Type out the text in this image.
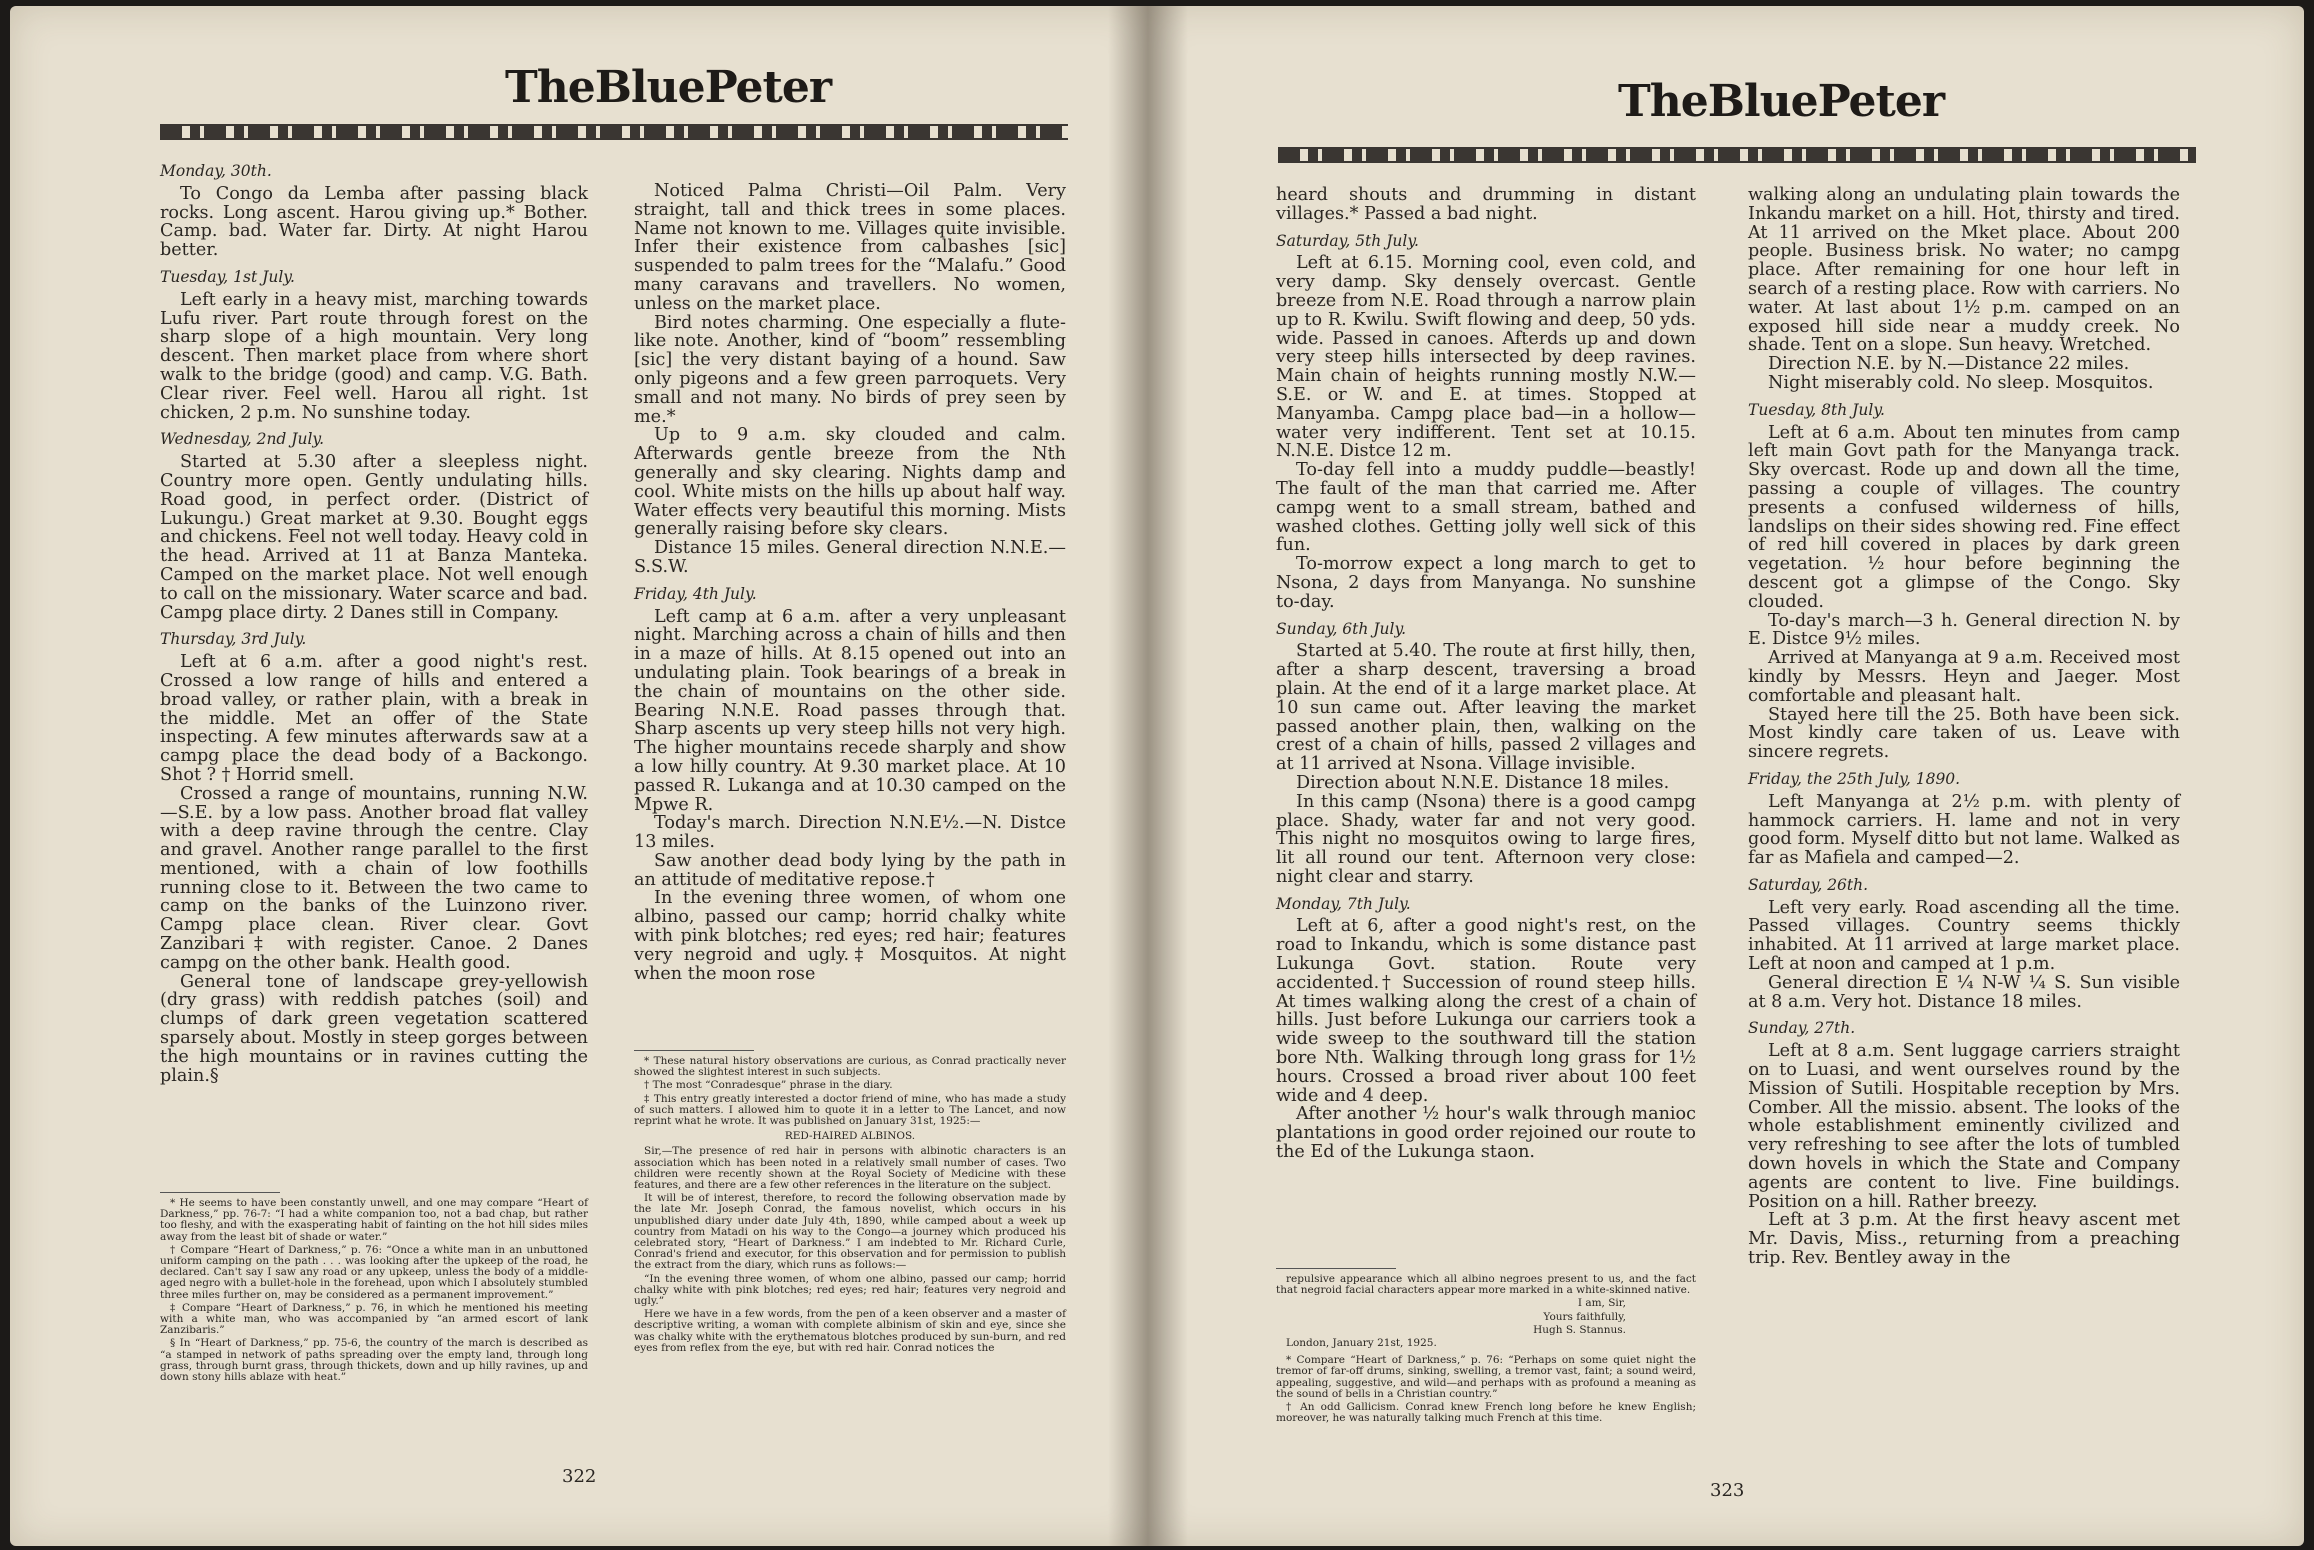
TheBluePeter

Monday, 30th.

To Congo da Lemba after passing black rocks. Long ascent. Harou giving up.* Bother. Camp. bad. Water far. Dirty. At night Harou better.

Tuesday, 1st July.

Left early in a heavy mist, marching towards Lufu river. Part route through forest on the sharp slope of a high mountain. Very long descent. Then market place from where short walk to the bridge (good) and camp. V.G. Bath. Clear river. Feel well. Harou all right. 1st chicken, 2 p.m. No sunshine today.

Wednesday, 2nd July.

Started at 5.30 after a sleepless night. Country more open. Gently undulating hills. Road good, in perfect order. (District of Lukungu.) Great market at 9.30. Bought eggs and chickens. Feel not well today. Heavy cold in the head. Arrived at 11 at Banza Manteka. Camped on the market place. Not well enough to call on the missionary. Water scarce and bad. Campg place dirty. 2 Danes still in Company.

Thursday, 3rd July.

Left at 6 a.m. after a good night's rest. Crossed a low range of hills and entered a broad valley, or rather plain, with a break in the middle. Met an offer of the State inspecting. A few minutes afterwards saw at a campg place the dead body of a Backongo. Shot ? † Horrid smell.

Crossed a range of mountains, running N.W.—S.E. by a low pass. Another broad flat valley with a deep ravine through the centre. Clay and gravel. Another range parallel to the first mentioned, with a chain of low foothills running close to it. Between the two came to camp on the banks of the Luinzono river. Campg place clean. River clear. Govt Zanzibari‡ with register. Canoe. 2 Danes campg on the other bank. Health good.

General tone of landscape grey-yellowish (dry grass) with reddish patches (soil) and clumps of dark green vegetation scattered sparsely about. Mostly in steep gorges between the high mountains or in ravines cutting the plain.§

* He seems to have been constantly unwell, and one may compare “Heart of Darkness,” pp. 76-7: “I had a white companion too, not a bad chap, but rather too fleshy, and with the exasperating habit of fainting on the hot hill sides miles away from the least bit of shade or water.”

† Compare “Heart of Darkness,” p. 76: “Once a white man in an unbuttoned uniform camping on the path . . . was looking after the upkeep of the road, he declared. Can't say I saw any road or any upkeep, unless the body of a middle-aged negro with a bullet-hole in the forehead, upon which I absolutely stumbled three miles further on, may be considered as a permanent improvement.”

‡ Compare “Heart of Darkness,” p. 76, in which he mentioned his meeting with a white man, who was accompanied by “an armed escort of lank Zanzibaris.”

§ In “Heart of Darkness,” pp. 75-6, the country of the march is described as “a stamped in network of paths spreading over the empty land, through long grass, through burnt grass, through thickets, down and up hilly ravines, up and down stony hills ablaze with heat.”

Noticed Palma Christi—Oil Palm. Very straight, tall and thick trees in some places. Name not known to me. Villages quite invisible. Infer their existence from calbashes [sic] suspended to palm trees for the “Malafu.” Good many caravans and travellers. No women, unless on the market place.

Bird notes charming. One especially a flute-like note. Another, kind of “boom” ressembling [sic] the very distant baying of a hound. Saw only pigeons and a few green parroquets. Very small and not many. No birds of prey seen by me.*

Up to 9 a.m. sky clouded and calm. Afterwards gentle breeze from the Nth generally and sky clearing. Nights damp and cool. White mists on the hills up about half way. Water effects very beautiful this morning. Mists generally raising before sky clears.

Distance 15 miles. General direction N.N.E.—S.S.W.

Friday, 4th July.

Left camp at 6 a.m. after a very unpleasant night. Marching across a chain of hills and then in a maze of hills. At 8.15 opened out into an undulating plain. Took bearings of a break in the chain of mountains on the other side. Bearing N.N.E. Road passes through that. Sharp ascents up very steep hills not very high. The higher mountains recede sharply and show a low hilly country. At 9.30 market place. At 10 passed R. Lukanga and at 10.30 camped on the Mpwe R.

Today's march. Direction N.N.E½.—N. Distce 13 miles.

Saw another dead body lying by the path in an attitude of meditative repose.†

In the evening three women, of whom one albino, passed our camp; horrid chalky white with pink blotches; red eyes; red hair; features very negroid and ugly.‡ Mosquitos. At night when the moon rose

* These natural history observations are curious, as Conrad practically never showed the slightest interest in such subjects.

† The most “Conradesque” phrase in the diary.

‡ This entry greatly interested a doctor friend of mine, who has made a study of such matters. I allowed him to quote it in a letter to The Lancet, and now reprint what he wrote. It was published on January 31st, 1925:—

RED-HAIRED ALBINOS.

Sir,—The presence of red hair in persons with albinotic characters is an association which has been noted in a relatively small number of cases. Two children were recently shown at the Royal Society of Medicine with these features, and there are a few other references in the literature on the subject.

It will be of interest, therefore, to record the following observation made by the late Mr. Joseph Conrad, the famous novelist, which occurs in his unpublished diary under date July 4th, 1890, while camped about a week up country from Matadi on his way to the Congo—a journey which produced his celebrated story, “Heart of Darkness.” I am indebted to Mr. Richard Curle, Conrad's friend and executor, for this observation and for permission to publish the extract from the diary, which runs as follows:—

“In the evening three women, of whom one albino, passed our camp; horrid chalky white with pink blotches; red eyes; red hair; features very negroid and ugly.”

Here we have in a few words, from the pen of a keen observer and a master of descriptive writing, a woman with complete albinism of skin and eye, since she was chalky white with the erythematous blotches produced by sun-burn, and red eyes from reflex from the eye, but with red hair. Conrad notices the

322
TheBluePeter

heard shouts and drumming in distant villages.* Passed a bad night.

Saturday, 5th July.

Left at 6.15. Morning cool, even cold, and very damp. Sky densely overcast. Gentle breeze from N.E. Road through a narrow plain up to R. Kwilu. Swift flowing and deep, 50 yds. wide. Passed in canoes. Afterds up and down very steep hills intersected by deep ravines. Main chain of heights running mostly N.W.—S.E. or W. and E. at times. Stopped at Manyamba. Campg place bad—in a hollow—water very indifferent. Tent set at 10.15. N.N.E. Distce 12 m.

To-day fell into a muddy puddle—beastly! The fault of the man that carried me. After campg went to a small stream, bathed and washed clothes. Getting jolly well sick of this fun.

To-morrow expect a long march to get to Nsona, 2 days from Manyanga. No sunshine to-day.

Sunday, 6th July.

Started at 5.40. The route at first hilly, then, after a sharp descent, traversing a broad plain. At the end of it a large market place. At 10 sun came out. After leaving the market passed another plain, then, walking on the crest of a chain of hills, passed 2 villages and at 11 arrived at Nsona. Village invisible.

Direction about N.N.E. Distance 18 miles.

In this camp (Nsona) there is a good campg place. Shady, water far and not very good. This night no mosquitos owing to large fires, lit all round our tent. Afternoon very close: night clear and starry.

Monday, 7th July.

Left at 6, after a good night's rest, on the road to Inkandu, which is some distance past Lukunga Govt. station. Route very accidented.† Succession of round steep hills. At times walking along the crest of a chain of hills. Just before Lukunga our carriers took a wide sweep to the southward till the station bore Nth. Walking through long grass for 1½ hours. Crossed a broad river about 100 feet wide and 4 deep.

After another ½ hour's walk through manioc plantations in good order rejoined our route to the Ed of the Lukunga staon.

repulsive appearance which all albino negroes present to us, and the fact that negroid facial characters appear more marked in a white-skinned native.

I am, Sir,

Yours faithfully,

Hugh S. Stannus.

London, January 21st, 1925.

* Compare “Heart of Darkness,” p. 76: “Perhaps on some quiet night the tremor of far-off drums, sinking, swelling, a tremor vast, faint; a sound weird, appealing, suggestive, and wild—and perhaps with as profound a meaning as the sound of bells in a Christian country.”

† An odd Gallicism. Conrad knew French long before he knew English; moreover, he was naturally talking much French at this time.

walking along an undulating plain towards the Inkandu market on a hill. Hot, thirsty and tired. At 11 arrived on the Mket place. About 200 people. Business brisk. No water; no campg place. After remaining for one hour left in search of a resting place. Row with carriers. No water. At last about 1½ p.m. camped on an exposed hill side near a muddy creek. No shade. Tent on a slope. Sun heavy. Wretched.

Direction N.E. by N.—Distance 22 miles.

Night miserably cold. No sleep. Mosquitos.

Tuesday, 8th July.

Left at 6 a.m. About ten minutes from camp left main Govt path for the Manyanga track. Sky overcast. Rode up and down all the time, passing a couple of villages. The country presents a confused wilderness of hills, landslips on their sides showing red. Fine effect of red hill covered in places by dark green vegetation. ½ hour before beginning the descent got a glimpse of the Congo. Sky clouded.

To-day's march—3 h. General direction N. by E. Distce 9½ miles.

Arrived at Manyanga at 9 a.m. Received most kindly by Messrs. Heyn and Jaeger. Most comfortable and pleasant halt.

Stayed here till the 25. Both have been sick. Most kindly care taken of us. Leave with sincere regrets.

Friday, the 25th July, 1890.

Left Manyanga at 2½ p.m. with plenty of hammock carriers. H. lame and not in very good form. Myself ditto but not lame. Walked as far as Mafiela and camped—2.

Saturday, 26th.

Left very early. Road ascending all the time. Passed villages. Country seems thickly inhabited. At 11 arrived at large market place. Left at noon and camped at 1 p.m.

General direction E ¼ N-W ¼ S. Sun visible at 8 a.m. Very hot. Distance 18 miles.

Sunday, 27th.

Left at 8 a.m. Sent luggage carriers straight on to Luasi, and went ourselves round by the Mission of Sutili. Hospitable reception by Mrs. Comber. All the missio. absent. The looks of the whole establishment eminently civilized and very refreshing to see after the lots of tumbled down hovels in which the State and Company agents are content to live. Fine buildings. Position on a hill. Rather breezy.

Left at 3 p.m. At the first heavy ascent met Mr. Davis, Miss., returning from a preaching trip. Rev. Bentley away in the

323
